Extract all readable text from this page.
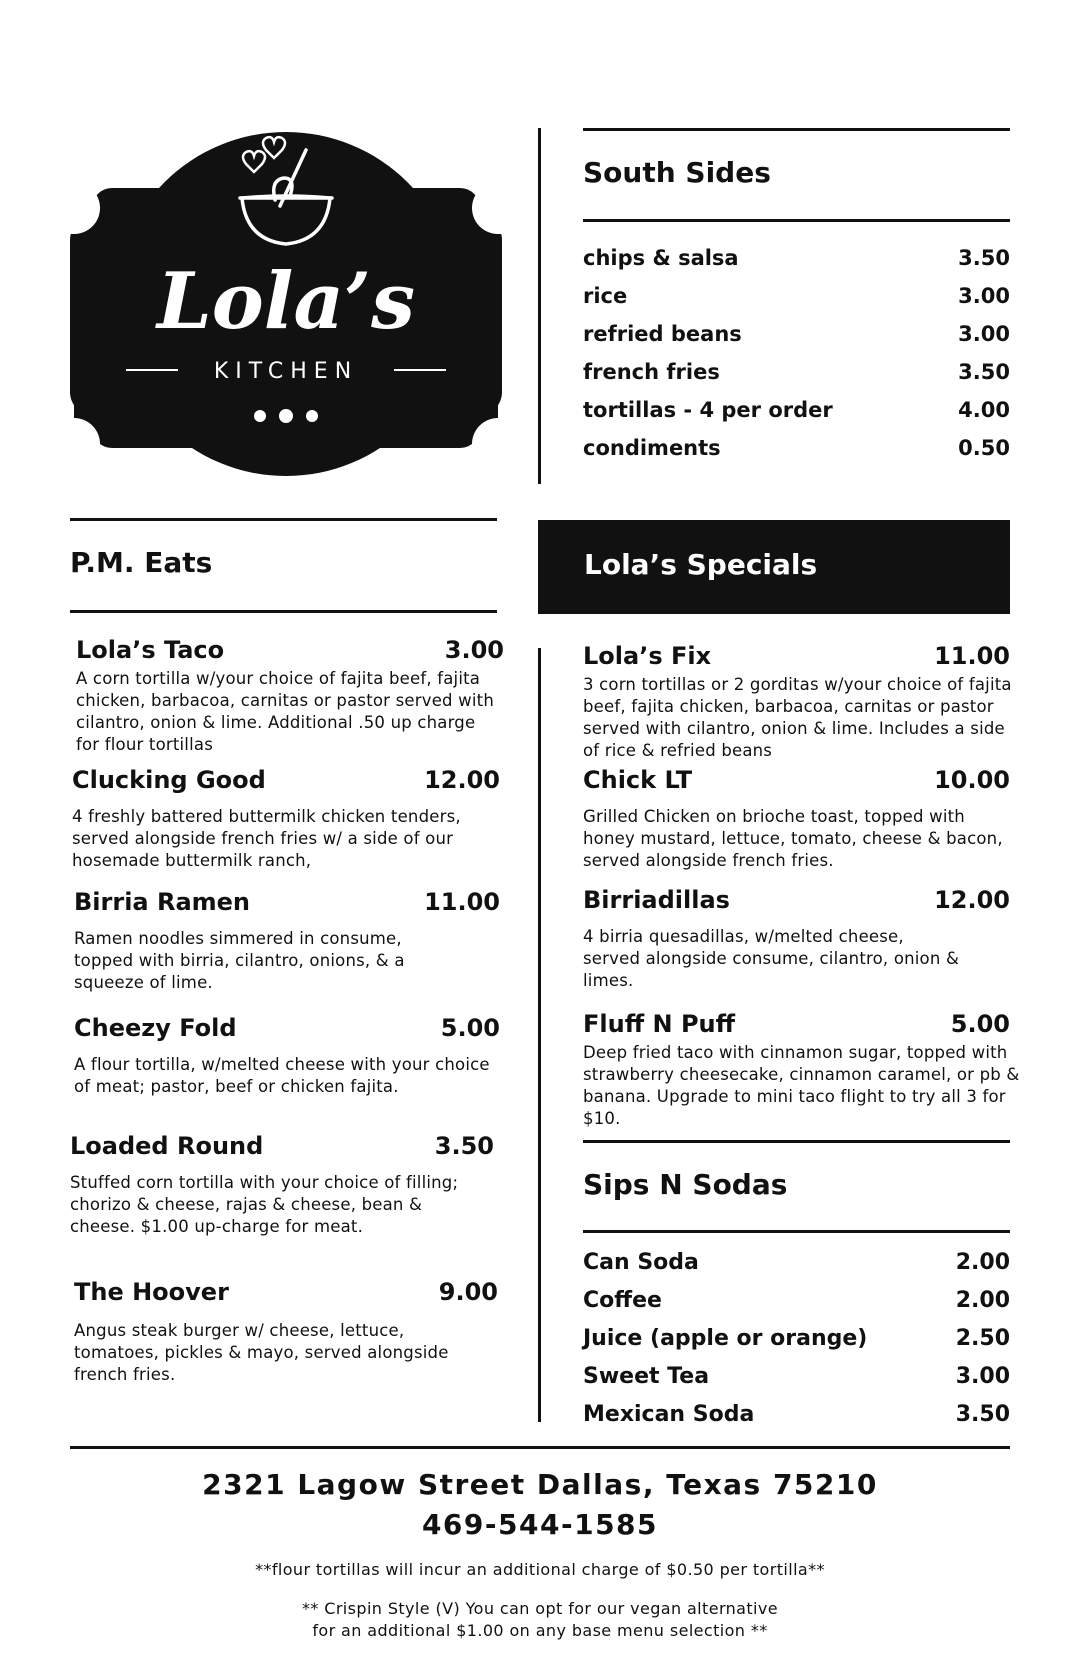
Lola’s
KITCHEN
South Sides
chips & salsa	3.50
rice	3.00
refried beans	3.00
french fries	3.50
tortillas - 4 per order	4.00
condiments	0.50
P.M. Eats
Lola’s Taco	3.00
A corn tortilla w/your choice of fajita beef, fajita chicken, barbacoa, carnitas or pastor served with cilantro, onion & lime. Additional .50 up charge for flour tortillas
Clucking Good	12.00
4 freshly battered buttermilk chicken tenders, served alongside french fries w/ a side of our hosemade buttermilk ranch,
Birria Ramen	11.00
Ramen noodles simmered in consume, topped with birria, cilantro, onions, & a squeeze of lime.
Cheezy Fold	5.00
A flour tortilla, w/melted cheese with your choice of meat; pastor, beef or chicken fajita.
Loaded Round	3.50
Stuffed corn tortilla with your choice of filling; chorizo & cheese, rajas & cheese, bean & cheese. $1.00 up-charge for meat.
The Hoover	9.00
Angus steak burger w/ cheese, lettuce, tomatoes, pickles & mayo, served alongside french fries.
Lola’s Specials
Lola’s Fix	11.00
3 corn tortillas or 2 gorditas w/your choice of fajita beef, fajita chicken, barbacoa, carnitas or pastor served with cilantro, onion & lime. Includes a side of rice & refried beans
Chick LT	10.00
Grilled Chicken on brioche toast, topped with honey mustard, lettuce, tomato, cheese & bacon, served alongside french fries.
Birriadillas	12.00
4 birria quesadillas, w/melted cheese, served alongside consume, cilantro, onion & limes.
Fluff N Puff	5.00
Deep fried taco with cinnamon sugar, topped with strawberry cheesecake, cinnamon caramel, or pb & banana. Upgrade to mini taco flight to try all 3 for $10.
Sips N Sodas
Can Soda	2.00
Coffee	2.00
Juice (apple or orange)	2.50
Sweet Tea	3.00
Mexican Soda	3.50
2321 Lagow Street Dallas, Texas 75210
469-544-1585
**flour tortillas will incur an additional charge of $0.50 per tortilla**
** Crispin Style (V) You can opt for our vegan alternative
for an additional $1.00 on any base menu selection **
